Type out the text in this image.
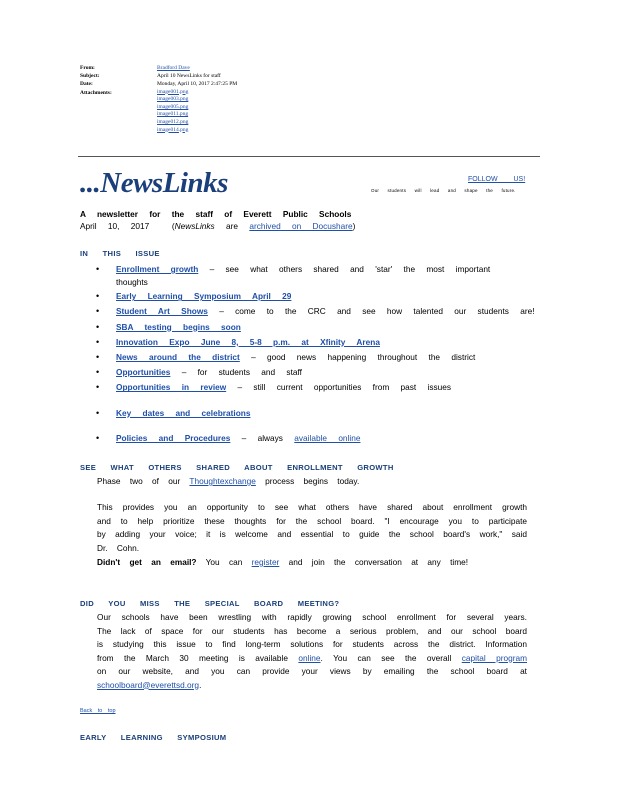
From:	Bradford Dave
Subject:	April 10 NewsLinks for staff
Date:	Monday, April 10, 2017 2:47:25 PM
Attachments:	image001.png
image003.png
image005.png
image011.png
image012.png
image014.png
...NewsLinks	FOLLOW US!
Our students will lead and shape the future.
A newsletter for the staff of Everett Public Schools
April 10, 2017	(NewsLinks are archived on Docushare)
IN THIS ISSUE
• Enrollment growth – see what others shared and 'star' the most important
thoughts
• Early Learning Symposium April 29
• Student Art Shows – come to the CRC and see how talented our students are!
• SBA testing begins soon
• Innovation Expo June 8, 5-8 p.m. at Xfinity Arena
• News around the district – good news happening throughout the district
• Opportunities – for students and staff
• Opportunities in review – still current opportunities from past issues
• Key dates and celebrations
• Policies and Procedures – always available online
SEE WHAT OTHERS SHARED ABOUT ENROLLMENT GROWTH
Phase two of our Thoughtexchange process begins today.
This provides you an opportunity to see what others have shared about enrollment growth and to help prioritize these thoughts for the school board. "I encourage you to participate by adding your voice; it is welcome and essential to guide the school board's work," said Dr. Cohn.
Didn't get an email? You can register and join the conversation at any time!
DID YOU MISS THE SPECIAL BOARD MEETING?
Our schools have been wrestling with rapidly growing school enrollment for several years. The lack of space for our students has become a serious problem, and our school board is studying this issue to find long-term solutions for students across the district. Information from the March 30 meeting is available online. You can see the overall capital program on our website, and you can provide your views by emailing the school board at schoolboard@everettsd.org.
Back to top
EARLY LEARNING SYMPOSIUM
